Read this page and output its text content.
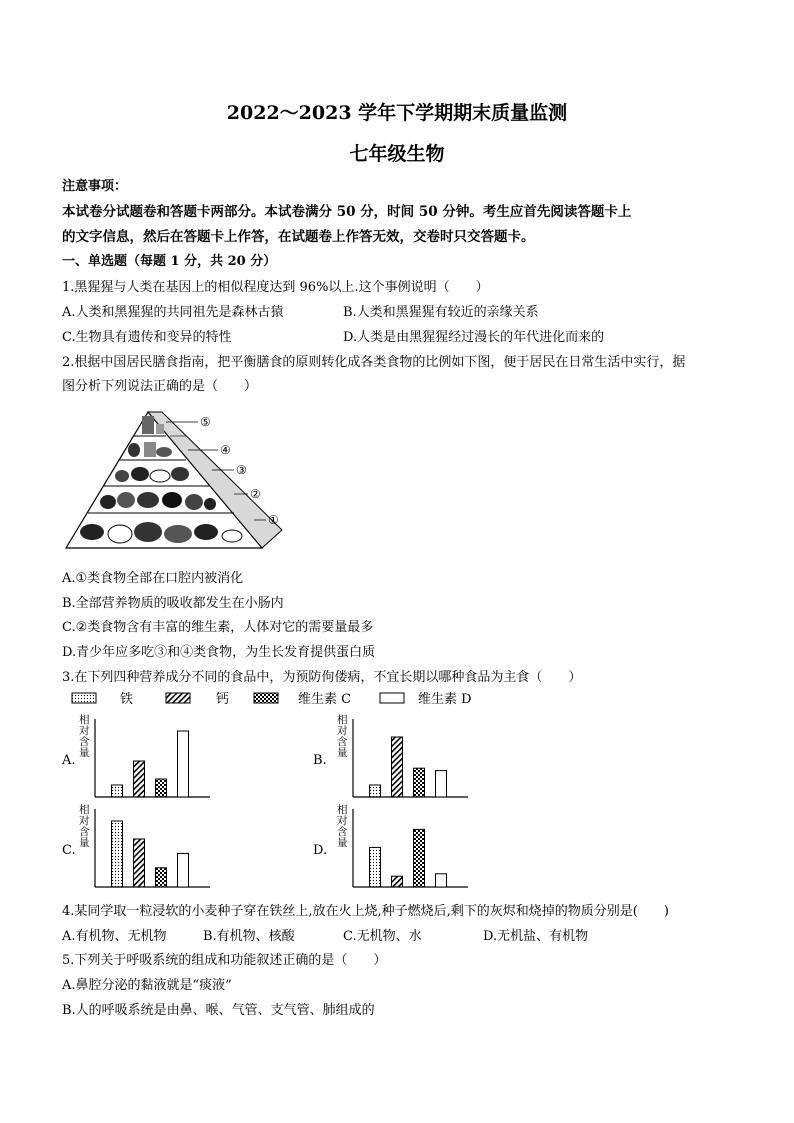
2022～2023 学年下学期期末质量监测
七年级生物
注意事项：
本试卷分试题卷和答题卡两部分。本试卷满分 50 分，时间 50 分钟。考生应首先阅读答题卡上
的文字信息，然后在答题卡上作答，在试题卷上作答无效，交卷时只交答题卡。
一、单选题（每题 1 分，共 20 分）
1.黑猩猩与人类在基因上的相似程度达到 96%以上.这个事例说明（　　）
A.人类和黑猩猩的共同祖先是森林古猿	B.人类和黑猩猩有较近的亲缘关系
C.生物具有遗传和变异的特性	D.人类是由黑猩猩经过漫长的年代进化而来的
2.根据中国居民膳食指南，把平衡膳食的原则转化成各类食物的比例如下图，便于居民在日常生活中实行，据
图分析下列说法正确的是（　　）
⑤
④
③
②
①
A.①类食物全部在口腔内被消化
B.全部营养物质的吸收都发生在小肠内
C.②类食物含有丰富的维生素，人体对它的需要量最多
D.青少年应多吃③和④类食物，为生长发育提供蛋白质
3.在下列四种营养成分不同的食品中，为预防佝偻病，不宜长期以哪种食品为主食（　　）
铁	钙	维生素 C	维生素 D
A.
相
对
含
量	B.
相
对
含
量
C.
相
对
含
量	D.
相
对
含
量
4.某同学取一粒浸软的小麦种子穿在铁丝上,放在火上烧,种子燃烧后,剩下的灰烬和烧掉的物质分别是(　　)
A.有机物、无机物	B.有机物、核酸	C.无机物、水	D.无机盐、有机物
5.下列关于呼吸系统的组成和功能叙述正确的是（　　）
A.鼻腔分泌的黏液就是“痰液”
B.人的呼吸系统是由鼻、喉、气管、支气管、肺组成的
